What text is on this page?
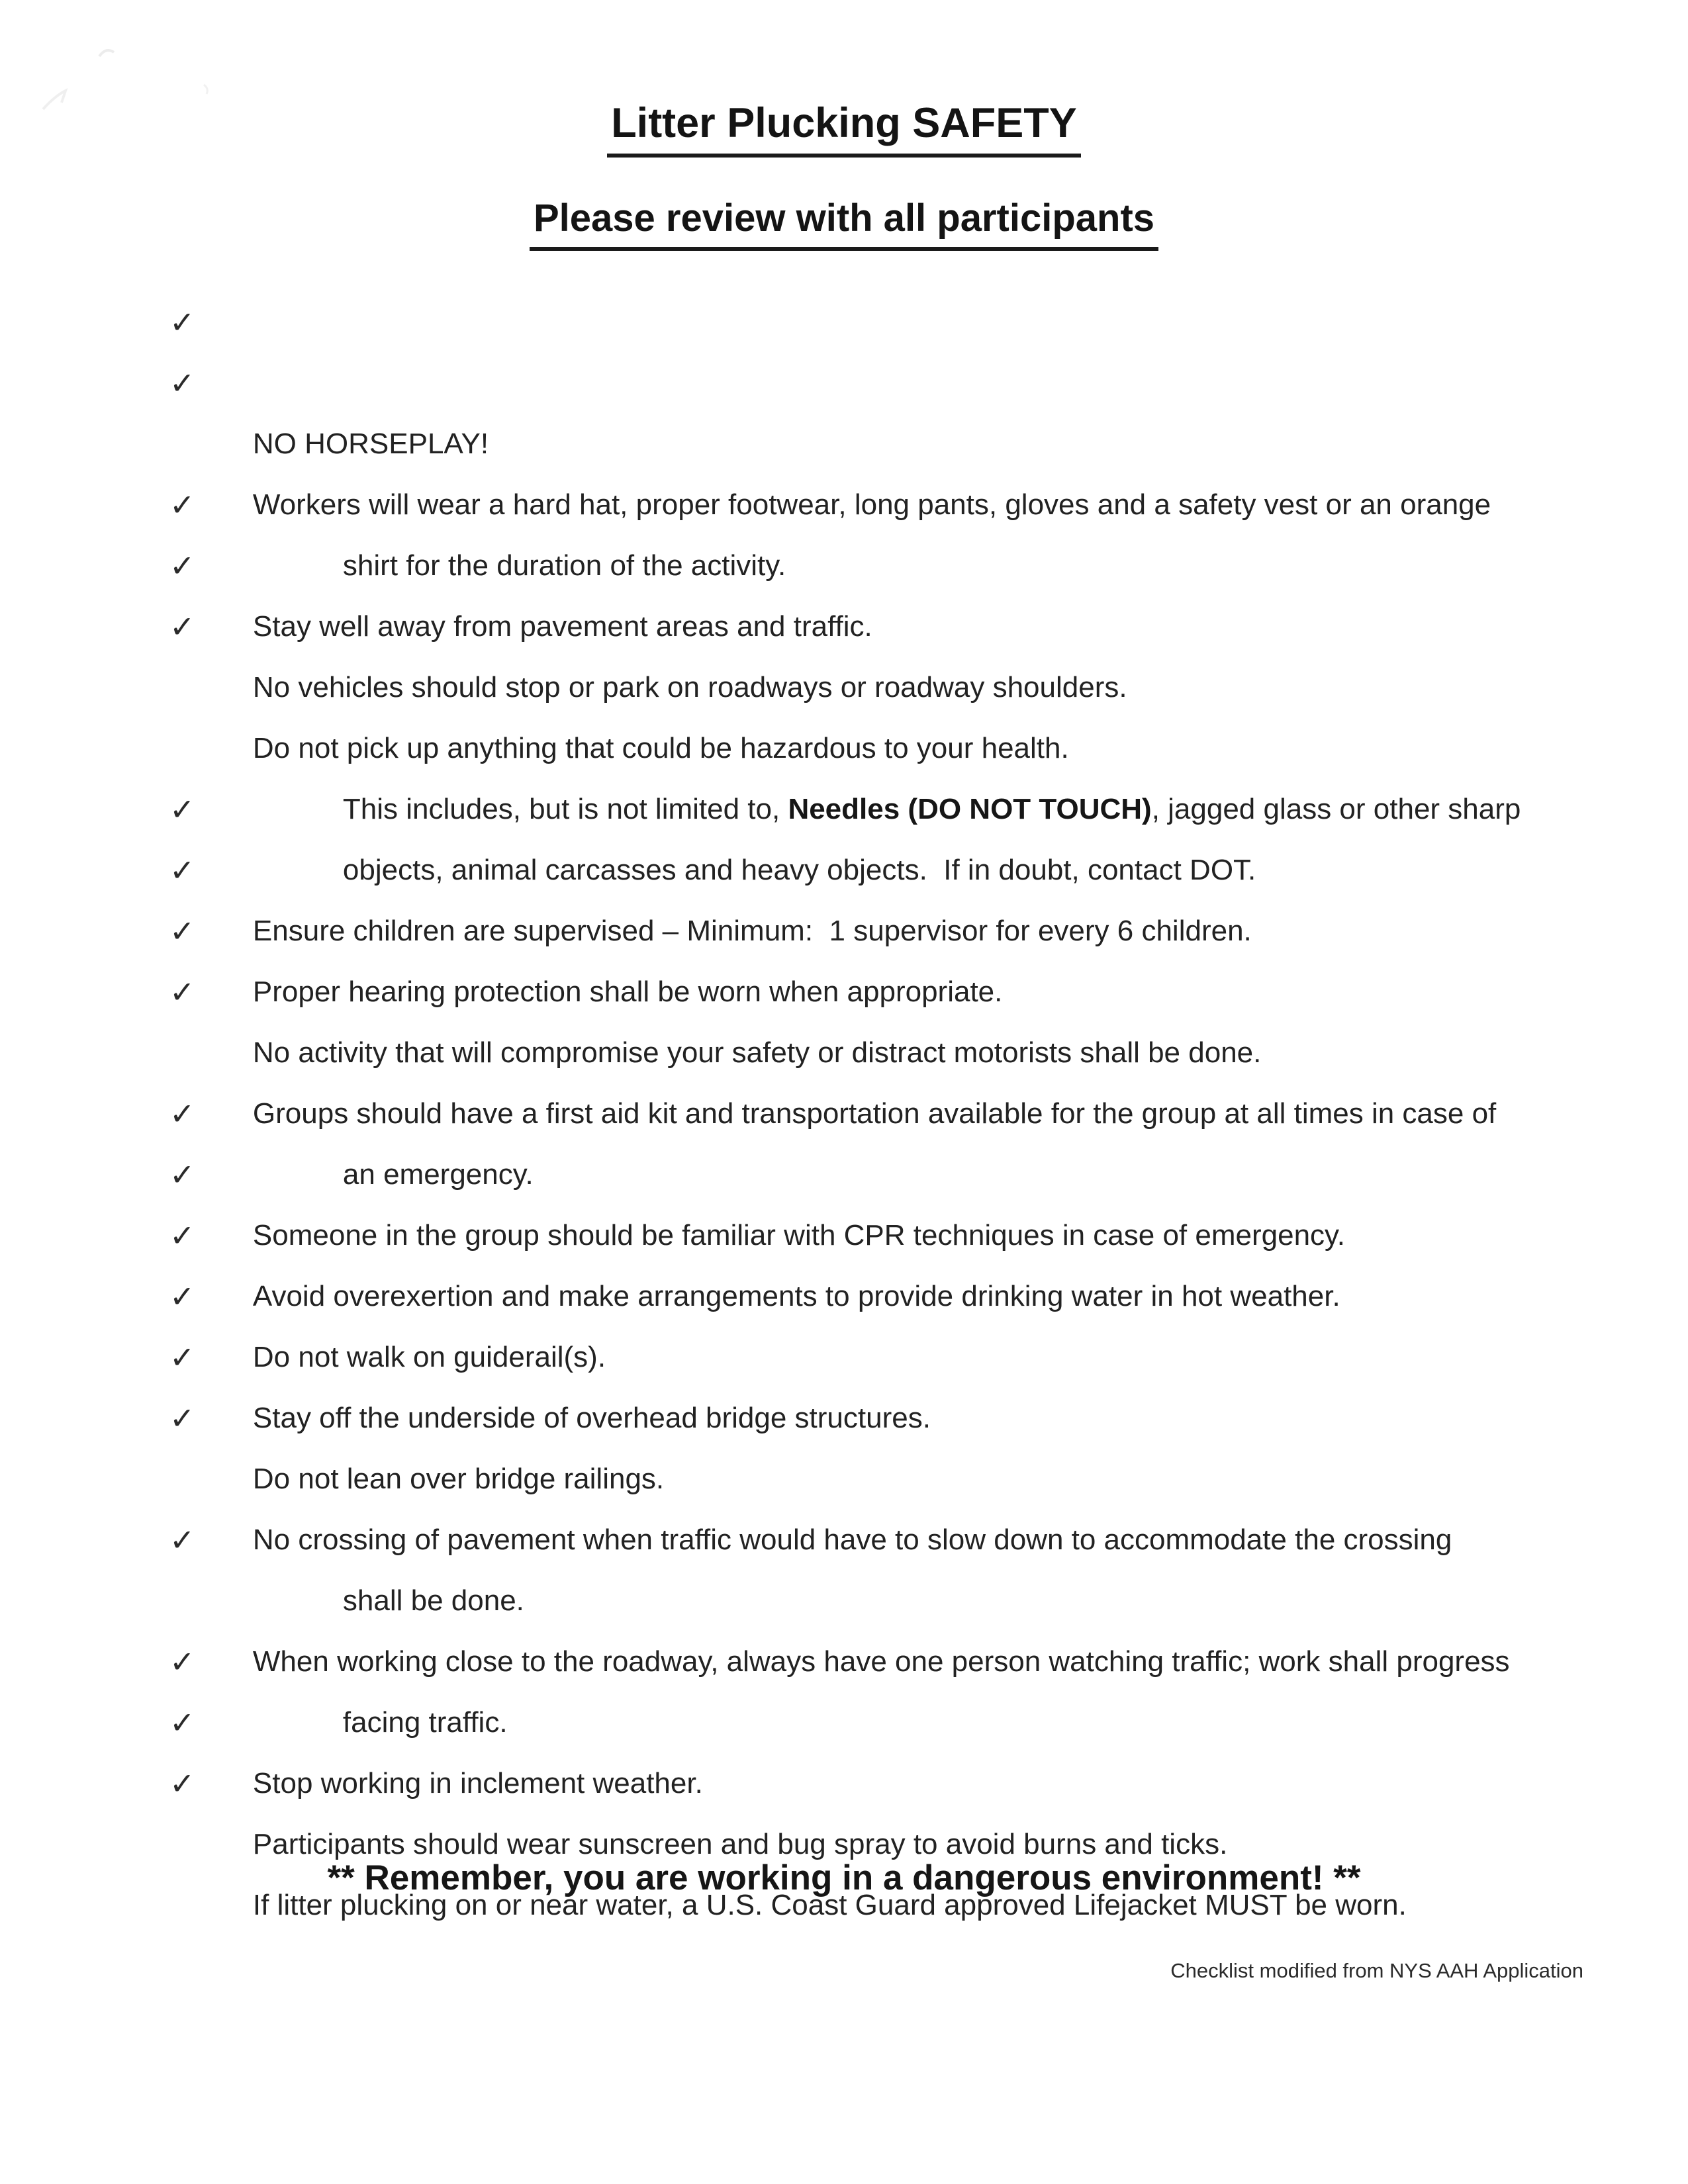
Litter Plucking SAFETY
Please review with all participants

✓

NO HORSEPLAY!

✓

Workers will wear a hard hat, proper footwear, long pants, gloves and a safety vest or an orange

shirt for the duration of the activity.

✓

Stay well away from pavement areas and traffic.

✓

No vehicles should stop or park on roadways or roadway shoulders.

✓

Do not pick up anything that could be hazardous to your health.

This includes, but is not limited to, Needles (DO NOT TOUCH), jagged glass or other sharp

objects, animal carcasses and heavy objects.  If in doubt, contact DOT.

✓

Ensure children are supervised – Minimum:  1 supervisor for every 6 children.

✓

Proper hearing protection shall be worn when appropriate.

✓

No activity that will compromise your safety or distract motorists shall be done.

✓

Groups should have a first aid kit and transportation available for the group at all times in case of

an emergency.

✓

Someone in the group should be familiar with CPR techniques in case of emergency.

✓

Avoid overexertion and make arrangements to provide drinking water in hot weather.

✓

Do not walk on guiderail(s).

✓

Stay off the underside of overhead bridge structures.

✓

Do not lean over bridge railings.

✓

No crossing of pavement when traffic would have to slow down to accommodate the crossing

shall be done.

✓

When working close to the roadway, always have one person watching traffic; work shall progress

facing traffic.

✓

Stop working in inclement weather.

✓

Participants should wear sunscreen and bug spray to avoid burns and ticks.

✓

If litter plucking on or near water, a U.S. Coast Guard approved Lifejacket MUST be worn.

** Remember, you are working in a dangerous environment! **
Checklist modified from NYS AAH Application
